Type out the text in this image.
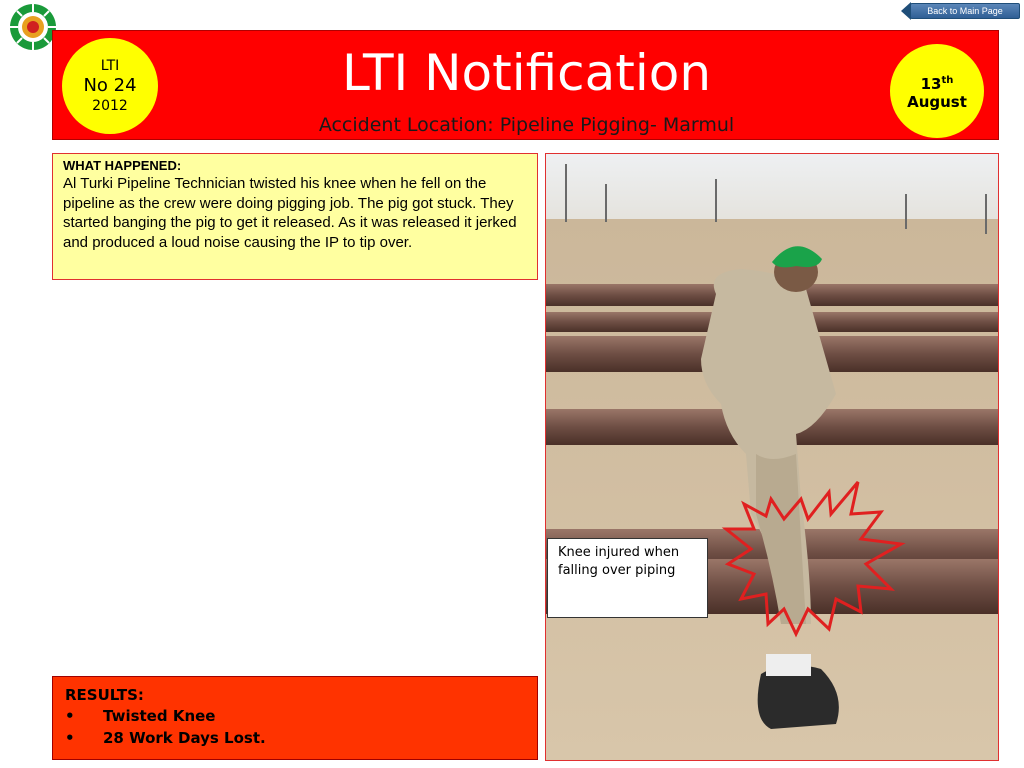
Back to Main Page
LTI
No 24
2012
LTI Notification
Accident Location: Pipeline Pigging- Marmul
13th
August
WHAT HAPPENED:
Al Turki Pipeline Technician twisted his knee when he fell on the pipeline as the crew were doing pigging job. The pig got stuck. They started banging the pig to get it released. As it was released it jerked and produced a loud noise causing the IP to tip over.
Knee injured when falling over piping
RESULTS:
• Twisted Knee
• 28 Work Days Lost.
